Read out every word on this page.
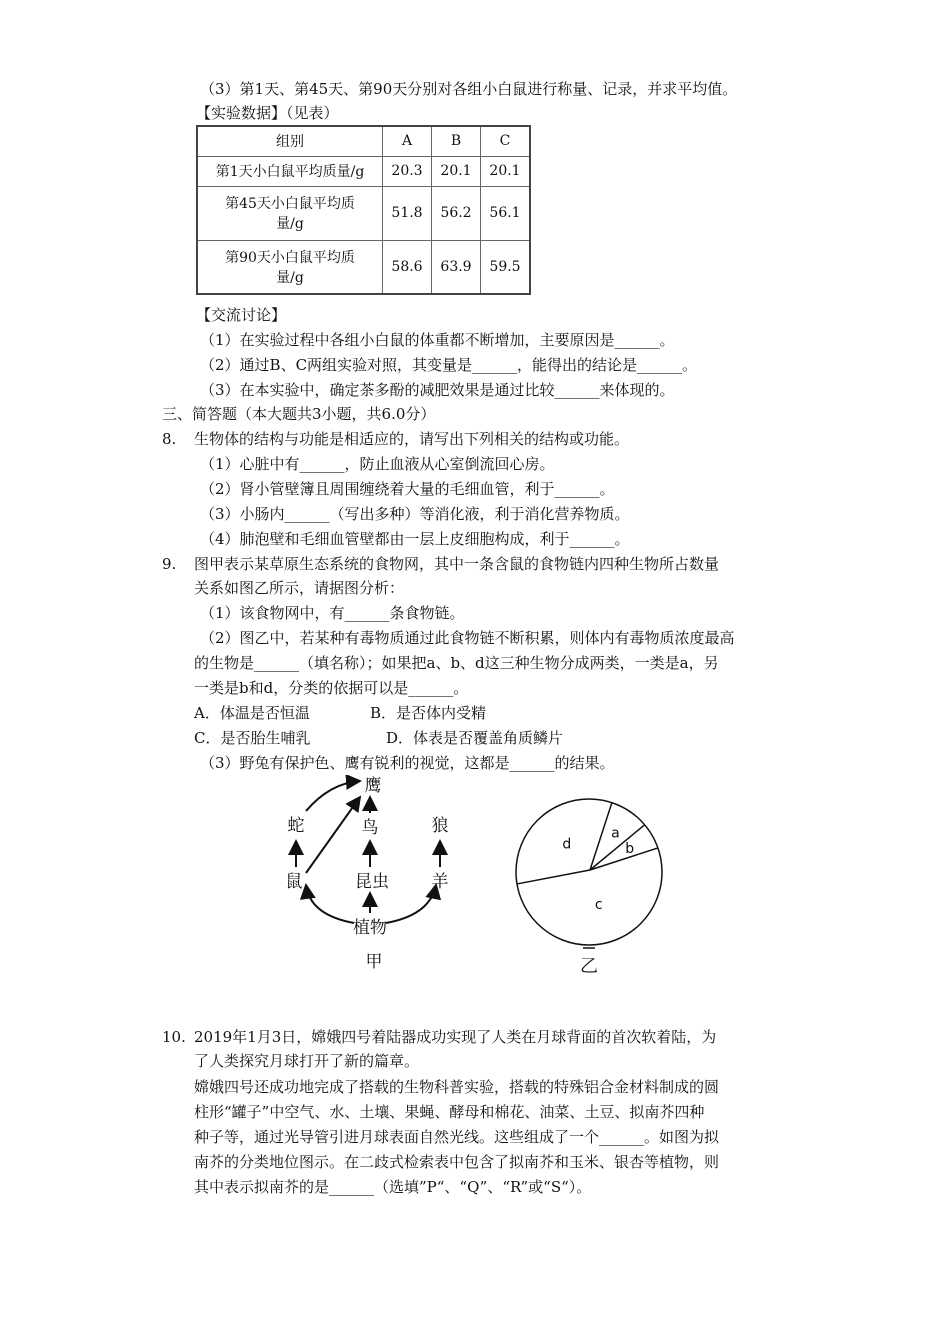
（3）第1天、第45天、第90天分别对各组小白鼠进行称量、记录，并求平均值。
【实验数据】（见表）
组别	A	B	C
第1天小白鼠平均质量/g	20.3	20.1	20.1
第45天小白鼠平均质
量/g	51.8	56.2	56.1
第90天小白鼠平均质
量/g	58.6	63.9	59.5
【交流讨论】
（1）在实验过程中各组小白鼠的体重都不断增加，主要原因是______。
（2）通过B、C两组实验对照，其变量是______，能得出的结论是______。
（3）在本实验中，确定茶多酚的减肥效果是通过比较______来体现的。
三、简答题（本大题共3小题，共6.0分）
8. 生物体的结构与功能是相适应的，请写出下列相关的结构或功能。
（1）心脏中有______，防止血液从心室倒流回心房。
（2）肾小管壁簿且周围缠绕着大量的毛细血管，利于______。
（3）小肠内______（写出多种）等消化液，利于消化营养物质。
（4）肺泡壁和毛细血管壁都由一层上皮细胞构成，利于______。
9. 图甲表示某草原生态系统的食物网，其中一条含鼠的食物链内四种生物所占数量
关系如图乙所示，请据图分析：
（1）该食物网中，有______条食物链。
（2）图乙中，若某种有毒物质通过此食物链不断积累，则体内有毒物质浓度最高
的生物是______（填名称）；如果把a、b、d这三种生物分成两类，一类是a，另
一类是b和d，分类的依据可以是______。
A．体温是否恒温	B．是否体内受精
C．是否胎生哺乳	D．体表是否覆盖角质鳞片
（3）野兔有保护色、鹰有锐利的视觉，这都是______的结果。
鹰
蛇	鸟	狼
鼠	昆虫	羊
植物
甲
a
b
c
d
乙
10. 2019年1月3日，嫦娥四号着陆器成功实现了人类在月球背面的首次软着陆，为
了人类探究月球打开了新的篇章。
嫦娥四号还成功地完成了搭载的生物科普实验，搭载的特殊铝合金材料制成的圆
柱形“罐子”中空气、水、土壤、果蝇、酵母和棉花、油菜、土豆、拟南芥四种
种子等，通过光导管引进月球表面自然光线。这些组成了一个______。如图为拟
南芥的分类地位图示。在二歧式检索表中包含了拟南芥和玉米、银杏等植物，则
其中表示拟南芥的是______（选填”P“、“Q”、“R”或“S“）。
